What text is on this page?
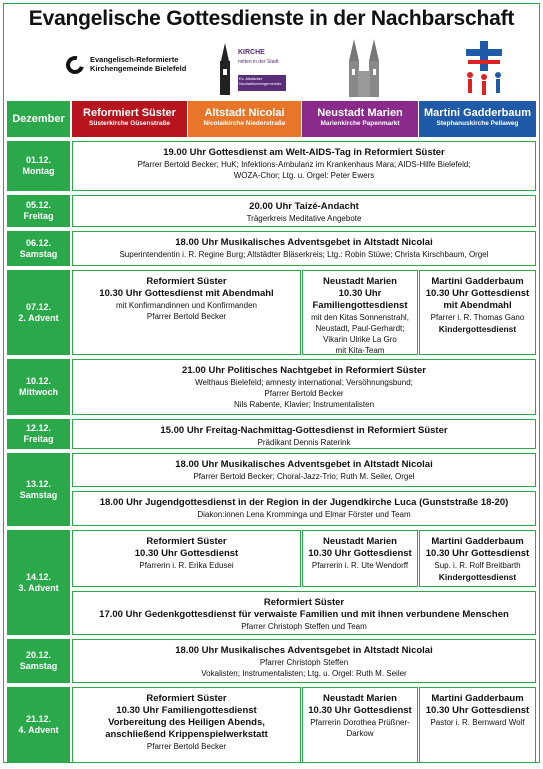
Evangelische Gottesdienste in der Nachbarschaft
Evangelisch-Reformierte
Kirchengemeinde Bielefeld
KIRCHE
mitten in der Stadt
Ev. Altstädter Nicolaikirchengemeinde
Dezember	Reformiert Süster
Süsterkirche Güsenstraße
Altstadt Nicolai
Nicolaikirche Niederstraße
Neustadt Marien
Marienkirche Papenmarkt
Martini Gadderbaum
Stephanuskirche Pellaweg
01.12.
Montag
05.12.
Freitag
06.12.
Samstag
07.12.
2. Advent
10.12.
Mittwoch
12.12.
Freitag
13.12.
Samstag
14.12.
3. Advent
20.12.
Samstag
21.12.
4. Advent
19.00 Uhr Gottesdienst am Welt-AIDS-Tag in Reformiert Süster
Pfarrer Bertold Becker; HuK; Infektions-Ambulanz im Krankenhaus Mara; AIDS-Hilfe Bielefeld;
WOZA-Chor; Ltg. u. Orgel: Peter Ewers
20.00 Uhr Taizé-Andacht
Trägerkreis Meditative Angebote
18.00 Uhr Musikalisches Adventsgebet in Altstadt Nicolai
Superintendentin i. R. Regine Burg; Altstädter Bläserkreis; Ltg.: Robin Stüwe; Christa Kirschbaum, Orgel
Reformiert Süster
10.30 Uhr Gottesdienst mit Abendmahl
mit Konfirmandinnen und Konfirmanden
Pfarrer Bertold Becker
Neustadt Marien
10.30 Uhr
Familiengottesdienst
mit den Kitas Sonnenstrahl,
Neustadt, Paul-Gerhardt;
Vikarin Ulrike La Gro
mit Kita-Team
Martini Gadderbaum
10.30 Uhr Gottesdienst
mit Abendmahl
Pfarrer i. R. Thomas Gano
Kindergottesdienst
21.00 Uhr Politisches Nachtgebet in Reformiert Süster
Welthaus Bielefeld; amnesty international; Versöhnungsbund;
Pfarrer Bertold Becker
Nils Rabente, Klavier; Instrumentalisten
15.00 Uhr Freitag-Nachmittag-Gottesdienst in Reformiert Süster
Prädikant Dennis Raterink
18.00 Uhr Musikalisches Adventsgebet in Altstadt Nicolai
Pfarrer Bertold Becker; Choral-Jazz-Trio; Ruth M. Seiler, Orgel
18.00 Uhr Jugendgottesdienst in der Region in der Jugendkirche Luca (Gunststraße 18-20)
Diakon:innen Lena Kromminga und Elmar Förster und Team
Reformiert Süster
10.30 Uhr Gottesdienst
Pfarrerin i. R. Erika Edusei
Neustadt Marien
10.30 Uhr Gottesdienst
Pfarrerin i. R. Ute Wendorff
Martini Gadderbaum
10.30 Uhr Gottesdienst
Sup. i. R. Rolf Breitbarth
Kindergottesdienst
Reformiert Süster
17.00 Uhr Gedenkgottesdienst für verwaiste Familien und mit ihnen verbundene Menschen
Pfarrer Christoph Steffen und Team
18.00 Uhr Musikalisches Adventsgebet in Altstadt Nicolai
Pfarrer Christoph Steffen
Vokalisten; Instrumentalisten; Ltg. u. Orgel: Ruth M. Seiler
Reformiert Süster
10.30 Uhr Familiengottesdienst
Vorbereitung des Heiligen Abends,
anschließend Krippenspielwerkstatt
Pfarrer Bertold Becker
Neustadt Marien
10.30 Uhr Gottesdienst
Pfarrerin Dorothea Prüßner-
Darkow
Martini Gadderbaum
10.30 Uhr Gottesdienst
Pastor i. R. Bernward Wolf
